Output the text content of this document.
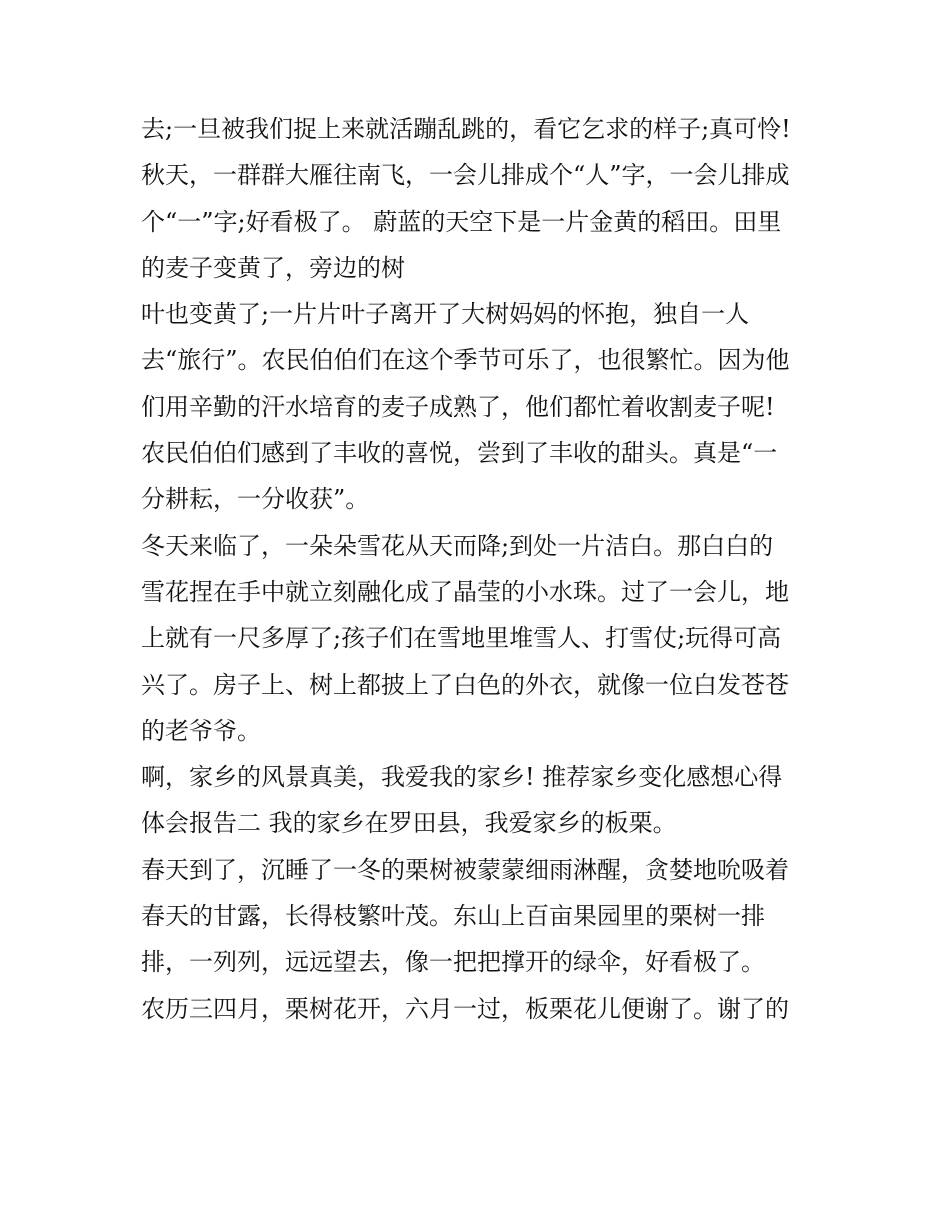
去;一旦被我们捉上来就活蹦乱跳的，看它乞求的样子;真可怜!
秋天，一群群大雁往南飞，一会儿排成个“人”字，一会儿排成
个“一”字;好看极了。 蔚蓝的天空下是一片金黄的稻田。田里
的麦子变黄了，旁边的树
叶也变黄了;一片片叶子离开了大树妈妈的怀抱，独自一人
去“旅行”。农民伯伯们在这个季节可乐了，也很繁忙。因为他
们用辛勤的汗水培育的麦子成熟了，他们都忙着收割麦子呢!
农民伯伯们感到了丰收的喜悦，尝到了丰收的甜头。真是“一
分耕耘，一分收获”。
冬天来临了，一朵朵雪花从天而降;到处一片洁白。那白白的
雪花捏在手中就立刻融化成了晶莹的小水珠。过了一会儿，地
上就有一尺多厚了;孩子们在雪地里堆雪人、打雪仗;玩得可高
兴了。房子上、树上都披上了白色的外衣，就像一位白发苍苍
的老爷爷。
啊，家乡的风景真美，我爱我的家乡! 推荐家乡变化感想心得
体会报告二 我的家乡在罗田县，我爱家乡的板栗。
春天到了，沉睡了一冬的栗树被蒙蒙细雨淋醒，贪婪地吮吸着
春天的甘露，长得枝繁叶茂。东山上百亩果园里的栗树一排
排，一列列，远远望去，像一把把撑开的绿伞，好看极了。
农历三四月，栗树花开，六月一过，板栗花儿便谢了。谢了的
